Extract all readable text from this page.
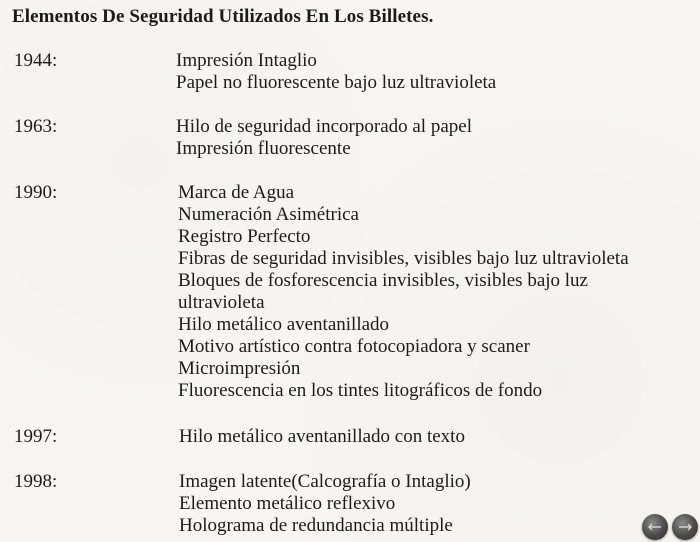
Elementos De Seguridad Utilizados En Los Billetes.
1944:	Impresión Intaglio
Papel no fluorescente bajo luz ultravioleta
1963:	Hilo de seguridad incorporado al papel
Impresión fluorescente
1990:	Marca de Agua
Numeración Asimétrica
Registro Perfecto
Fibras de seguridad invisibles, visibles bajo luz ultravioleta
Bloques de fosforescencia invisibles, visibles bajo luz
ultravioleta
Hilo metálico aventanillado
Motivo artístico contra fotocopiadora y scaner
Microimpresión
Fluorescencia en los tintes litográficos de fondo
1997:	Hilo metálico aventanillado con texto
1998:	Imagen latente(Calcografía o Intaglio)
Elemento metálico reflexivo
Holograma de redundancia múltiple
